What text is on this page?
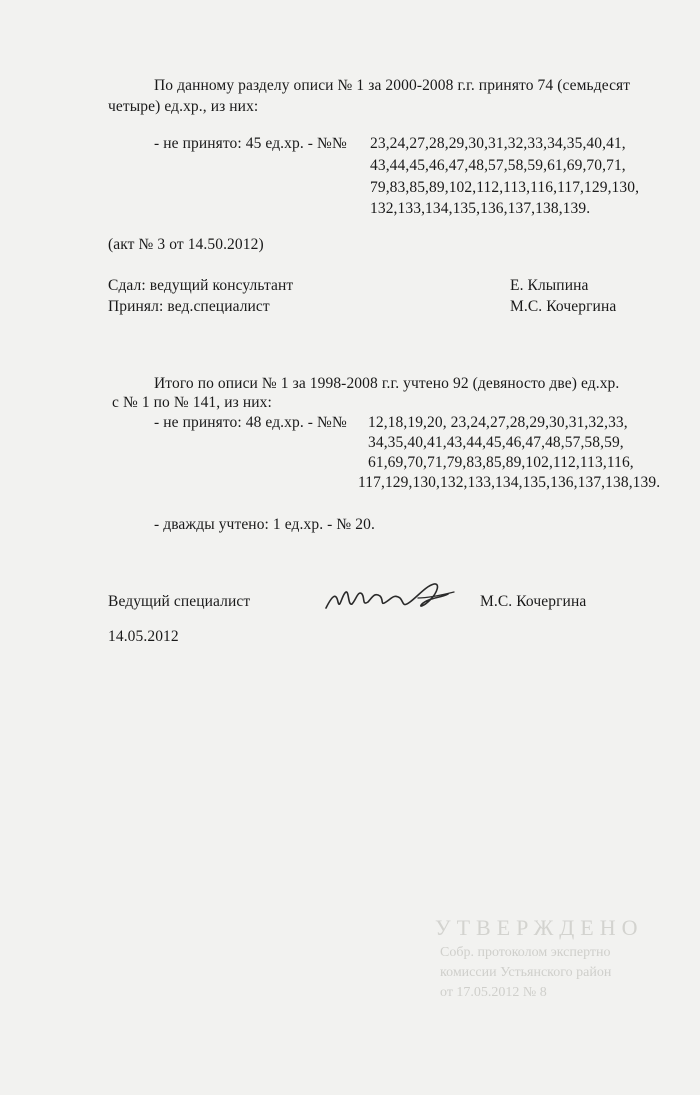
По данному разделу описи № 1 за 2000-2008 г.г. принято 74 (семьдесят
четыре) ед.хр., из них:
- не принято: 45 ед.хр. - №№ 23,24,27,28,29,30,31,32,33,34,35,40,41,
43,44,45,46,47,48,57,58,59,61,69,70,71,
79,83,85,89,102,112,113,116,117,129,130,
132,133,134,135,136,137,138,139.
(акт № 3 от 14.50.2012)
Сдал: ведущий консультант	Е. Клыпина
Принял: вед.специалист	М.С. Кочергина
Итого по описи № 1 за 1998-2008 г.г. учтено 92 (девяносто две) ед.хр.
с № 1 по № 141, из них:
- не принято: 48 ед.хр. - №№ 12,18,19,20, 23,24,27,28,29,30,31,32,33,
34,35,40,41,43,44,45,46,47,48,57,58,59,
61,69,70,71,79,83,85,89,102,112,113,116,
117,129,130,132,133,134,135,136,137,138,139.
- дважды учтено: 1 ед.хр. - № 20.
Ведущий специалист	М.С. Кочергина
14.05.2012
УТВЕРЖДЕНО
Собр. протоколом экспертно
комиссии Устьянского район
от 17.05.2012 № 8
